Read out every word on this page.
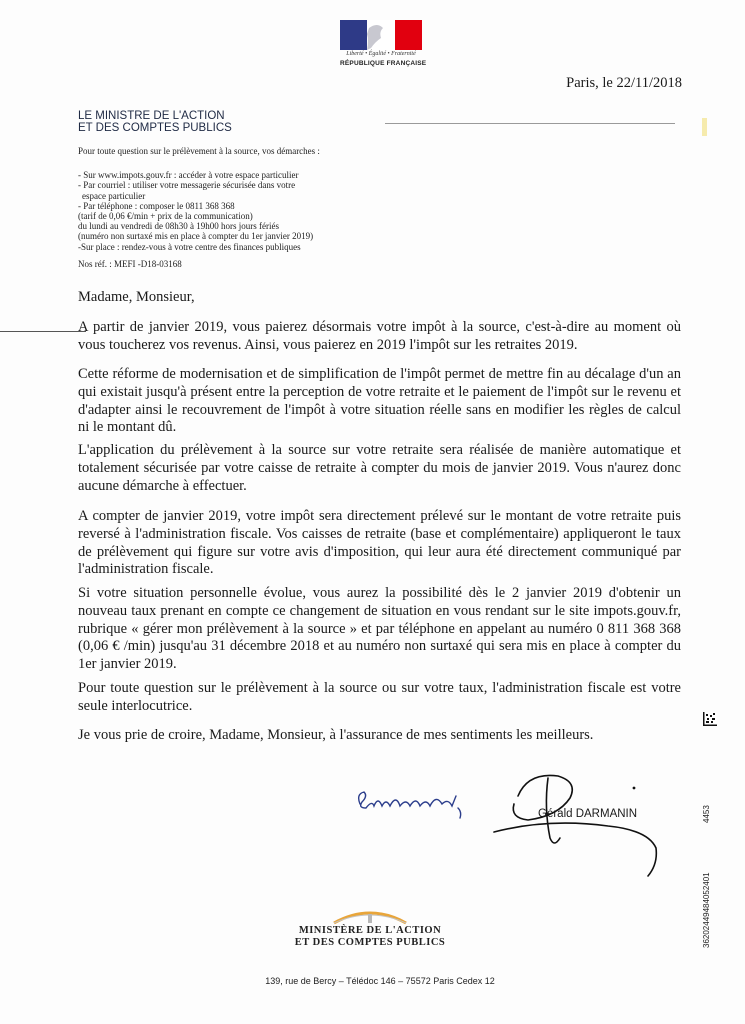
Liberté • Égalité • Fraternité
RÉPUBLIQUE FRANÇAISE
Paris, le 22/11/2018
LE MINISTRE DE L'ACTION
ET DES COMPTES PUBLICS
Pour toute question sur le prélèvement à la source, vos démarches :
- Sur www.impots.gouv.fr : accéder à votre espace particulier
- Par courriel : utiliser votre messagerie sécurisée dans votre
espace particulier
- Par téléphone : composer le 0811 368 368
(tarif de 0,06 €/min + prix de la communication)
du lundi au vendredi de 08h30 à 19h00 hors jours fériés
(numéro non surtaxé mis en place à compter du 1er janvier 2019)
-Sur place : rendez-vous à votre centre des finances publiques
Nos réf. : MEFI -D18-03168
Madame, Monsieur,
A partir de janvier 2019, vous paierez désormais votre impôt à la source, c'est-à-dire au moment où vous toucherez vos revenus. Ainsi, vous paierez en 2019 l'impôt sur les retraites 2019.
Cette réforme de modernisation et de simplification de l'impôt permet de mettre fin au décalage d'un an qui existait jusqu'à présent entre la perception de votre retraite et le paiement de l'impôt sur le revenu et d'adapter ainsi le recouvrement de l'impôt à votre situation réelle sans en modifier les règles de calcul ni le montant dû.
L'application du prélèvement à la source sur votre retraite sera réalisée de manière automatique et totalement sécurisée par votre caisse de retraite à compter du mois de janvier 2019. Vous n'aurez donc aucune démarche à effectuer.
A compter de janvier 2019, votre impôt sera directement prélevé sur le montant de votre retraite puis reversé à l'administration fiscale. Vos caisses de retraite (base et complémentaire) appliqueront le taux de prélèvement qui figure sur votre avis d'imposition, qui leur aura été directement communiqué par l'administration fiscale.
Si votre situation personnelle évolue, vous aurez la possibilité dès le 2 janvier 2019 d'obtenir un nouveau taux prenant en compte ce changement de situation en vous rendant sur le site impots.gouv.fr, rubrique « gérer mon prélèvement à la source » et par téléphone en appelant au numéro 0 811 368 368 (0,06 € /min) jusqu'au 31 décembre 2018 et au numéro non surtaxé qui sera mis en place à compter du 1er janvier 2019.
Pour toute question sur le prélèvement à la source ou sur votre taux, l'administration fiscale est votre seule interlocutrice.
Je vous prie de croire, Madame, Monsieur, à l'assurance de mes sentiments les meilleurs.
Gérald DARMANIN
MINISTÈRE DE L'ACTION
ET DES COMPTES PUBLICS
139, rue de Bercy – Télédoc 146 – 75572 Paris Cedex 12
4453
36202449484052401
